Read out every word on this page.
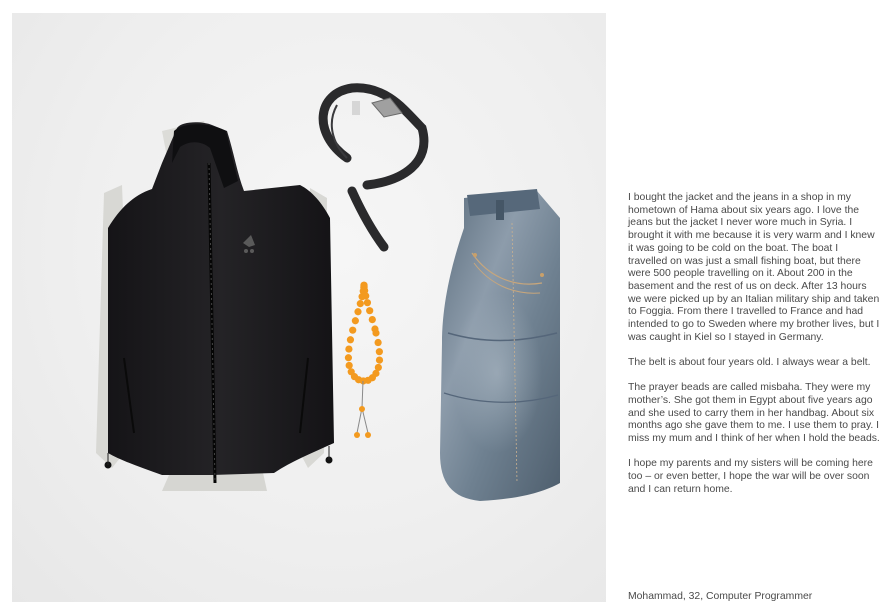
I bought the jacket and the jeans in a shop in my hometown of Hama about six years ago. I love the jeans but the jacket I never wore much in Syria. I brought it with me because it is very warm and I knew it was going to be cold on the boat. The boat I travelled on was just a small fishing boat, but there were 500 people travelling on it. About 200 in the basement and the rest of us on deck. After 13 hours we were picked up by an Italian military ship and taken to Foggia. From there I travelled to France and had intended to go to Sweden where my brother lives, but I was caught in Kiel so I stayed in Germany.

The belt is about four years old. I always wear a belt.

The prayer beads are called misbaha. They were my mother’s. She got them in Egypt about five years ago and she used to carry them in her handbag. About six months ago she gave them to me. I use them to pray. I miss my mum and I think of her when I hold the beads.

I hope my parents and my sisters will be coming here too – or even better, I hope the war will be over soon and I can return home.

Mohammad, 32, Computer Programmer
